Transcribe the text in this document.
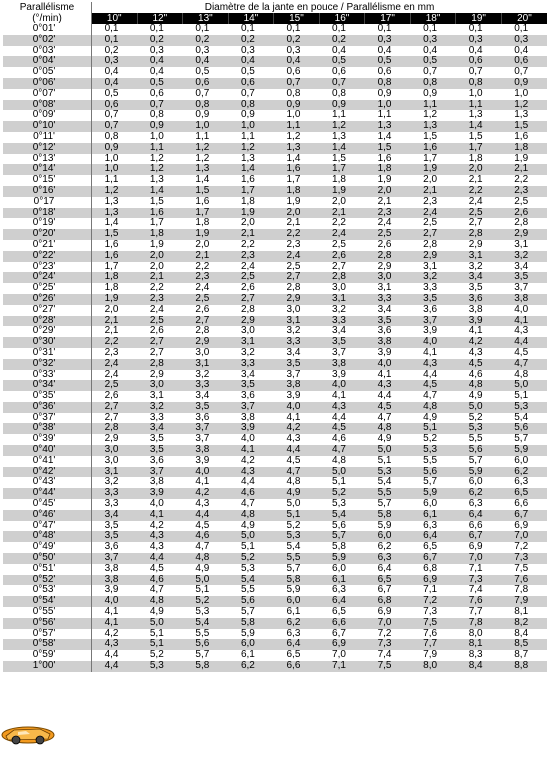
Parallélisme
(°/min)	Diamètre de la jante en pouce / Parallélisme en mm									
	10"	12"	13"	14"	15"	16"	17"	18"	19"	20"
0°01'	0,1	0,1	0,1	0,1	0,1	0,1	0,1	0,1	0,1	0,1
0°02'	0,1	0,2	0,2	0,2	0,2	0,2	0,3	0,3	0,3	0,3
0°03'	0,2	0,3	0,3	0,3	0,3	0,4	0,4	0,4	0,4	0,4
0°04'	0,3	0,4	0,4	0,4	0,4	0,5	0,5	0,5	0,6	0,6
0°05'	0,4	0,4	0,5	0,5	0,6	0,6	0,6	0,7	0,7	0,7
0°06'	0,4	0,5	0,6	0,6	0,7	0,7	0,8	0,8	0,8	0,9
0°07'	0,5	0,6	0,7	0,7	0,8	0,8	0,9	0,9	1,0	1,0
0°08'	0,6	0,7	0,8	0,8	0,9	0,9	1,0	1,1	1,1	1,2
0°09'	0,7	0,8	0,9	0,9	1,0	1,1	1,1	1,2	1,3	1,3
0°10'	0,7	0,9	1,0	1,0	1,1	1,2	1,3	1,3	1,4	1,5
0°11'	0,8	1,0	1,1	1,1	1,2	1,3	1,4	1,5	1,5	1,6
0°12'	0,9	1,1	1,2	1,2	1,3	1,4	1,5	1,6	1,7	1,8
0°13'	1,0	1,2	1,2	1,3	1,4	1,5	1,6	1,7	1,8	1,9
0°14'	1,0	1,2	1,3	1,4	1,6	1,7	1,8	1,9	2,0	2,1
0°15'	1,1	1,3	1,4	1,6	1,7	1,8	1,9	2,0	2,1	2,2
0°16'	1,2	1,4	1,5	1,7	1,8	1,9	2,0	2,1	2,2	2,3
0°17	1,3	1,5	1,6	1,8	1,9	2,0	2,1	2,3	2,4	2,5
0°18'	1,3	1,6	1,7	1,9	2,0	2,1	2,3	2,4	2,5	2,6
0°19'	1,4	1,7	1,8	2,0	2,1	2,2	2,4	2,5	2,7	2,8
0°20'	1,5	1,8	1,9	2,1	2,2	2,4	2,5	2,7	2,8	2,9
0°21'	1,6	1,9	2,0	2,2	2,3	2,5	2,6	2,8	2,9	3,1
0°22'	1,6	2,0	2,1	2,3	2,4	2,6	2,8	2,9	3,1	3,2
0°23'	1,7	2,0	2,2	2,4	2,5	2,7	2,9	3,1	3,2	3,4
0°24'	1,8	2,1	2,3	2,5	2,7	2,8	3,0	3,2	3,4	3,5
0°25'	1,8	2,2	2,4	2,6	2,8	3,0	3,1	3,3	3,5	3,7
0°26'	1,9	2,3	2,5	2,7	2,9	3,1	3,3	3,5	3,6	3,8
0°27'	2,0	2,4	2,6	2,8	3,0	3,2	3,4	3,6	3,8	4,0
0°28'	2,1	2,5	2,7	2,9	3,1	3,3	3,5	3,7	3,9	4,1
0°29'	2,1	2,6	2,8	3,0	3,2	3,4	3,6	3,9	4,1	4,3
0°30'	2,2	2,7	2,9	3,1	3,3	3,5	3,8	4,0	4,2	4,4
0°31'	2,3	2,7	3,0	3,2	3,4	3,7	3,9	4,1	4,3	4,5
0°32'	2,4	2,8	3,1	3,3	3,5	3,8	4,0	4,3	4,5	4,7
0°33'	2,4	2,9	3,2	3,4	3,7	3,9	4,1	4,4	4,6	4,8
0°34'	2,5	3,0	3,3	3,5	3,8	4,0	4,3	4,5	4,8	5,0
0°35'	2,6	3,1	3,4	3,6	3,9	4,1	4,4	4,7	4,9	5,1
0°36'	2,7	3,2	3,5	3,7	4,0	4,3	4,5	4,8	5,0	5,3
0°37'	2,7	3,3	3,6	3,8	4,1	4,4	4,7	4,9	5,2	5,4
0°38'	2,8	3,4	3,7	3,9	4,2	4,5	4,8	5,1	5,3	5,6
0°39'	2,9	3,5	3,7	4,0	4,3	4,6	4,9	5,2	5,5	5,7
0°40'	3,0	3,5	3,8	4,1	4,4	4,7	5,0	5,3	5,6	5,9
0°41'	3,0	3,6	3,9	4,2	4,5	4,8	5,1	5,5	5,7	6,0
0°42'	3,1	3,7	4,0	4,3	4,7	5,0	5,3	5,6	5,9	6,2
0°43'	3,2	3,8	4,1	4,4	4,8	5,1	5,4	5,7	6,0	6,3
0°44'	3,3	3,9	4,2	4,6	4,9	5,2	5,5	5,9	6,2	6,5
0°45'	3,3	4,0	4,3	4,7	5,0	5,3	5,7	6,0	6,3	6,6
0°46'	3,4	4,1	4,4	4,8	5,1	5,4	5,8	6,1	6,4	6,7
0°47'	3,5	4,2	4,5	4,9	5,2	5,6	5,9	6,3	6,6	6,9
0°48'	3,5	4,3	4,6	5,0	5,3	5,7	6,0	6,4	6,7	7,0
0°49'	3,6	4,3	4,7	5,1	5,4	5,8	6,2	6,5	6,9	7,2
0°50'	3,7	4,4	4,8	5,2	5,5	5,9	6,3	6,7	7,0	7,3
0°51'	3,8	4,5	4,9	5,3	5,7	6,0	6,4	6,8	7,1	7,5
0°52'	3,8	4,6	5,0	5,4	5,8	6,1	6,5	6,9	7,3	7,6
0°53'	3,9	4,7	5,1	5,5	5,9	6,3	6,7	7,1	7,4	7,8
0°54'	4,0	4,8	5,2	5,6	6,0	6,4	6,8	7,2	7,6	7,9
0°55'	4,1	4,9	5,3	5,7	6,1	6,5	6,9	7,3	7,7	8,1
0°56'	4,1	5,0	5,4	5,8	6,2	6,6	7,0	7,5	7,8	8,2
0°57'	4,2	5,1	5,5	5,9	6,3	6,7	7,2	7,6	8,0	8,4
0°58'	4,3	5,1	5,6	6,0	6,4	6,9	7,3	7,7	8,1	8,5
0°59'	4,4	5,2	5,7	6,1	6,5	7,0	7,4	7,9	8,3	8,7
1°00'	4,4	5,3	5,8	6,2	6,6	7,1	7,5	8,0	8,4	8,8
